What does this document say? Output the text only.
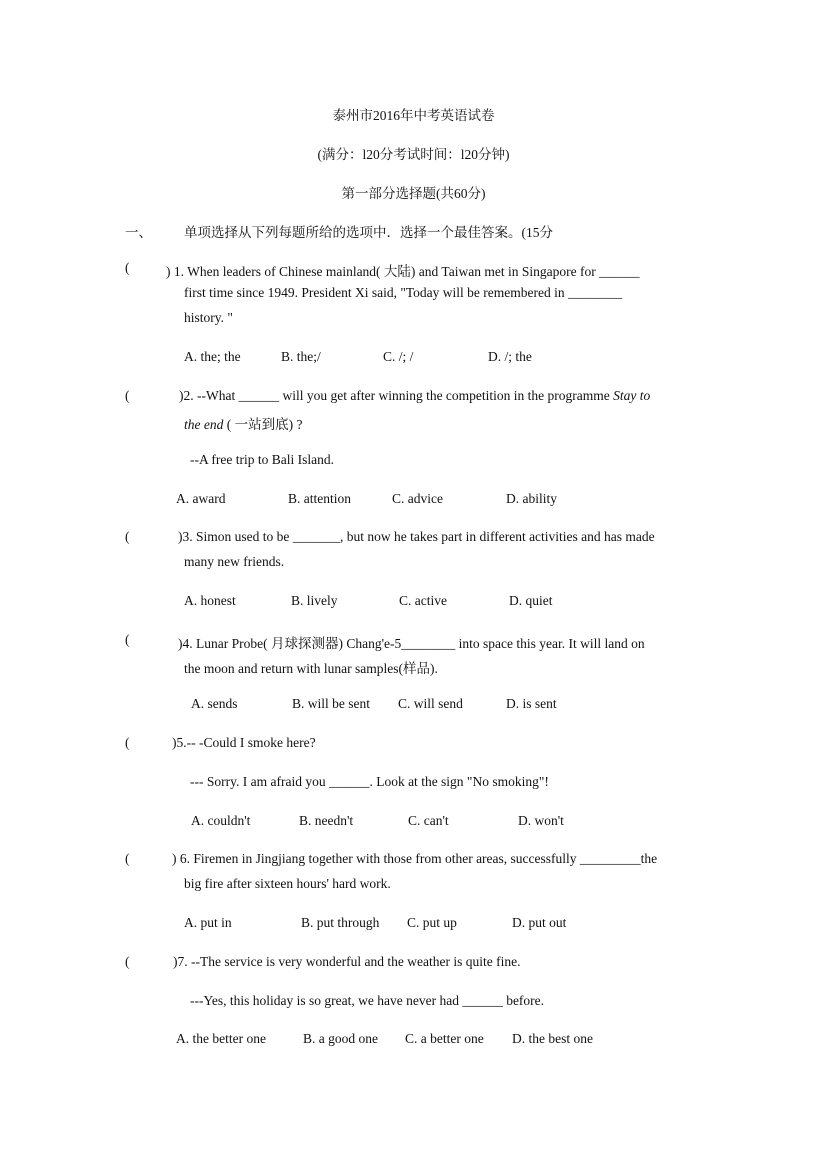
泰州市2016年中考英语试卷
(满分：l20分考试时间：l20分钟)
第一部分选择题(共60分)
一、 单项选择从下列每题所给的选项中．选择一个最佳答案。(15分
(	) 1. When leaders of Chinese mainland( 大陆) and Taiwan met in Singapore for ______
first time since 1949. President Xi said, "Today will be remembered in ________
history. "
A. the; the	B. the;/	C. /; /	D. /; the
(	)2. --What ______ will you get after winning the competition in the programme Stay to
the end ( 一站到底) ?
--A free trip to Bali Island.
A. award	B. attention	C. advice	D. ability
(	)3. Simon used to be _______, but now he takes part in different activities and has made
many new friends.
A. honest	B. lively	C. active	D. quiet
(	)4. Lunar Probe( 月球探测器) Chang'e-5________ into space this year. It will land on
the moon and return with lunar samples(样品).
A. sends	B. will be sent C. will send	D. is sent
(	)5.-- -Could I smoke here?
--- Sorry. I am afraid you ______. Look at the sign "No smoking"!
A. couldn't	B. needn't	C. can't	D. won't
(	) 6. Firemen in Jingjiang together with those from other areas, successfully _________the
big fire after sixteen hours' hard work.
A. put in	B. put through C. put up	D. put out
(	)7. --The service is very wonderful and the weather is quite fine.
---Yes, this holiday is so great, we have never had ______ before.
A. the better one	B. a good one C. a better one D. the best one
